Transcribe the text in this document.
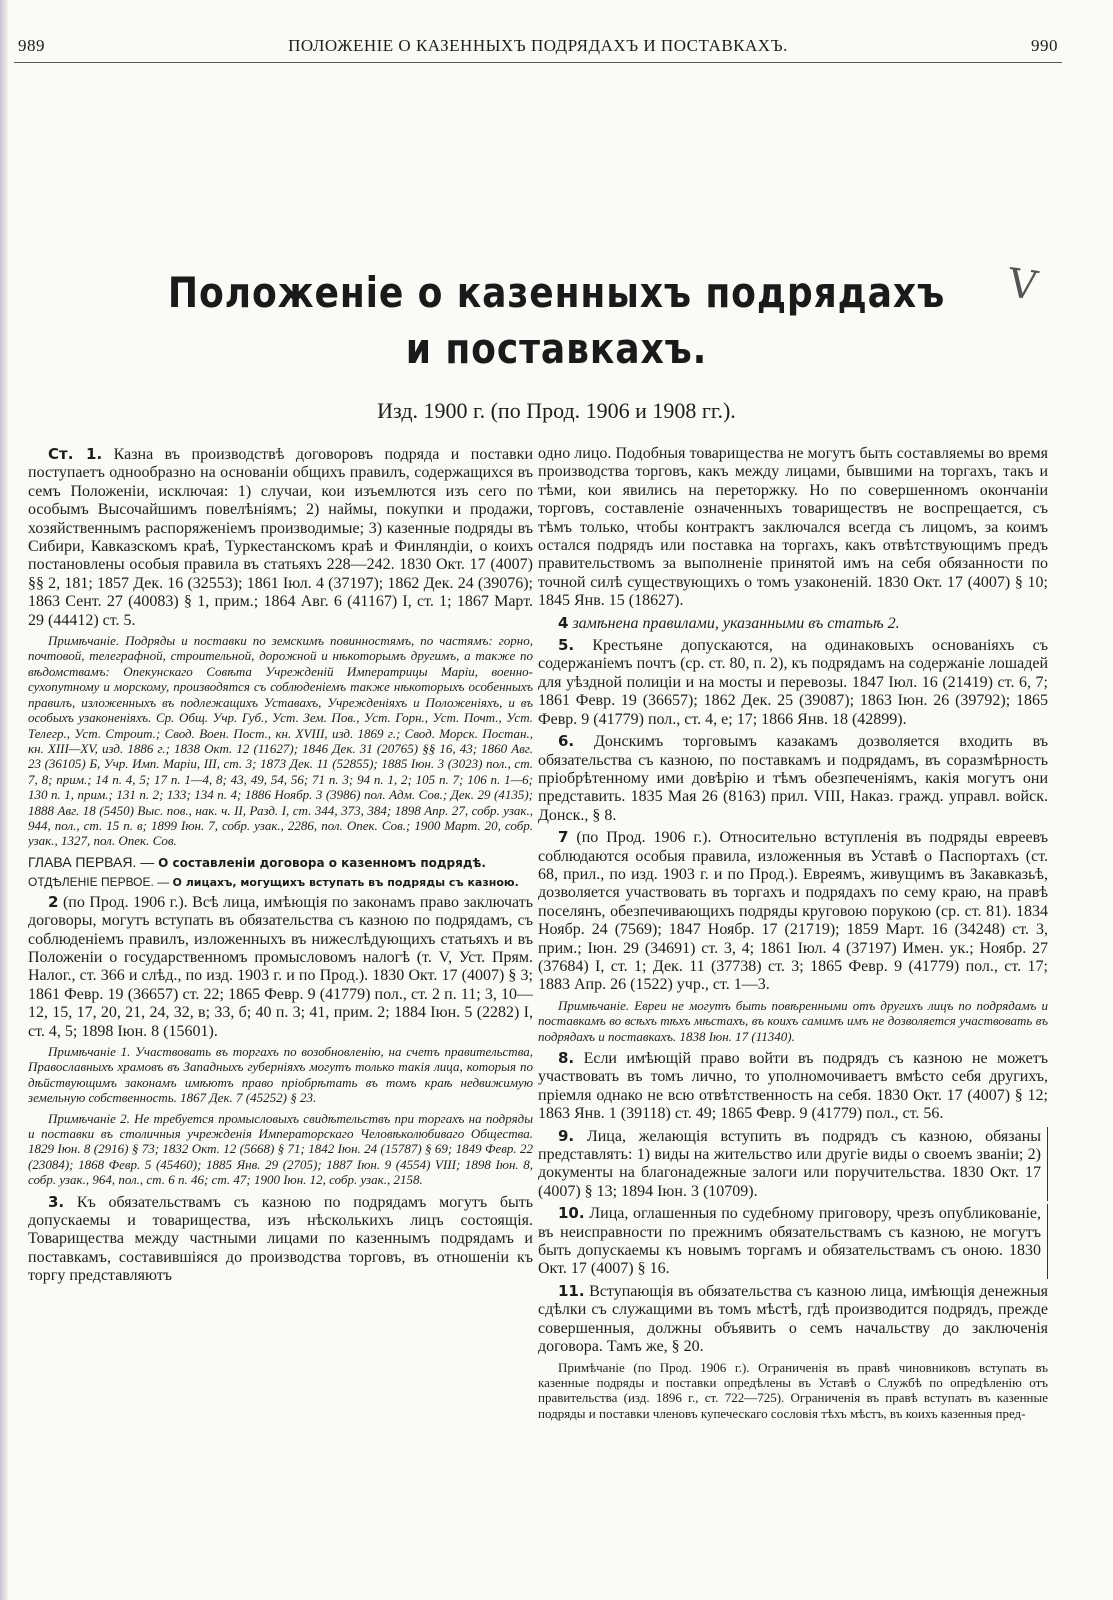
ПОЛОЖЕНІЕ О КАЗЕННЫХЪ ПОДРЯДАХЪ И ПОСТАВКАХЪ.
989	990
Положеніе о казенныхъ подрядахъ
и поставкахъ.
V
Изд. 1900 г. (по Прод. 1906 и 1908 гг.).

Ст. 1. Казна въ производствѣ договоровъ подряда и поставки поступаетъ однообразно на основаніи общихъ правилъ, содержащихся въ семъ Положеніи, исключая: 1) случаи, кои изъемлются изъ сего по особымъ Высочайшимъ повелѣніямъ; 2) наймы, покупки и продажи, хозяйственнымъ распоряженіемъ производимые; 3) казенные подряды въ Сибири, Кавказскомъ краѣ, Туркестанскомъ краѣ и Финляндіи, о коихъ постановлены особыя правила въ статьяхъ 228—242. 1830 Окт. 17 (4007) §§ 2, 181; 1857 Дек. 16 (32553); 1861 Іюл. 4 (37197); 1862 Дек. 24 (39076); 1863 Сент. 27 (40083) § 1, прим.; 1864 Авг. 6 (41167) I, ст. 1; 1867 Март. 29 (44412) ст. 5.

Примѣчаніе. Подряды и поставки по земскимъ повинностямъ, по частямъ: горно, почтовой, телеграфной, строительной, дорожной и нѣкоторымъ другимъ, а также по вѣдомствамъ: Опекунскаго Совѣта Учрежденій Императрицы Маріи, военно-сухопутному и морскому, производятся съ соблюденіемъ также нѣкоторыхъ особенныхъ правилъ, изложенныхъ въ подлежащихъ Уставахъ, Учрежденіяхъ и Положеніяхъ, и въ особыхъ узаконеніяхъ. Ср. Общ. Учр. Губ., Уст. Зем. Пов., Уст. Горн., Уст. Почт., Уст. Телегр., Уст. Строит.; Свод. Воен. Пост., кн. XVIII, изд. 1869 г.; Свод. Морск. Постан., кн. XIII—XV, изд. 1886 г.; 1838 Окт. 12 (11627); 1846 Дек. 31 (20765) §§ 16, 43; 1860 Авг. 23 (36105) Б, Учр. Имп. Маріи, III, ст. 3; 1873 Дек. 11 (52855); 1885 Іюн. 3 (3023) пол., ст. 7, 8; прим.; 14 п. 4, 5; 17 п. 1—4, 8; 43, 49, 54, 56; 71 п. 3; 94 п. 1, 2; 105 п. 7; 106 п. 1—6; 130 п. 1, прим.; 131 п. 2; 133; 134 п. 4; 1886 Ноябр. 3 (3986) пол. Адм. Сов.; Дек. 29 (4135); 1888 Авг. 18 (5450) Выс. пов., нак. ч. II, Разд. I, ст. 344, 373, 384; 1898 Апр. 27, собр. узак., 944, пол., ст. 15 п. в; 1899 Іюн. 7, собр. узак., 2286, пол. Опек. Сов.; 1900 Март. 20, собр. узак., 1327, пол. Опек. Сов.

ГЛАВА ПЕРВАЯ. — О составленіи договора о казенномъ подрядѣ.

ОТДѢЛЕНІЕ ПЕРВОЕ. — О лицахъ, могущихъ вступать въ подряды съ казною.

2 (по Прод. 1906 г.). Всѣ лица, имѣющія по законамъ право заключать договоры, могутъ вступать въ обязательства съ казною по подрядамъ, съ соблюденіемъ правилъ, изложенныхъ въ нижеслѣдующихъ статьяхъ и въ Положеніи о государственномъ промысловомъ налогѣ (т. V, Уст. Прям. Налог., ст. 366 и слѣд., по изд. 1903 г. и по Прод.). 1830 Окт. 17 (4007) § 3; 1861 Февр. 19 (36657) ст. 22; 1865 Февр. 9 (41779) пол., ст. 2 п. 11; 3, 10—12, 15, 17, 20, 21, 24, 32, в; 33, б; 40 п. 3; 41, прим. 2; 1884 Іюн. 5 (2282) I, ст. 4, 5; 1898 Іюн. 8 (15601).

Примѣчаніе 1. Участвовать въ торгахъ по возобновленію, на счетъ правительства, Православныхъ храмовъ въ Западныхъ губерніяхъ могутъ только такія лица, которыя по дѣйствующимъ законамъ имѣютъ право пріобрѣтать въ томъ краѣ недвижимую земельную собственность. 1867 Дек. 7 (45252) § 23.

Примѣчаніе 2. Не требуется промысловыхъ свидѣтельствъ при торгахъ на подряды и поставки въ столичныя учрежденія Императорскаго Человѣколюбиваго Общества. 1829 Іюн. 8 (2916) § 73; 1832 Окт. 12 (5668) § 71; 1842 Іюн. 24 (15787) § 69; 1849 Февр. 22 (23084); 1868 Февр. 5 (45460); 1885 Янв. 29 (2705); 1887 Іюн. 9 (4554) VIII; 1898 Іюн. 8, собр. узак., 964, пол., ст. 6 п. 46; ст. 47; 1900 Іюн. 12, собр. узак., 2158.

3. Къ обязательствамъ съ казною по подрядамъ могутъ быть допускаемы и товарищества, изъ нѣсколькихъ лицъ состоящія. Товарищества между частными лицами по казеннымъ подрядамъ и поставкамъ, составившіяся до производства торговъ, въ отношеніи къ торгу представляютъ

одно лицо. Подобныя товарищества не могутъ быть составляемы во время производства торговъ, какъ между лицами, бывшими на торгахъ, такъ и тѣми, кои явились на переторжку. Но по совершенномъ окончаніи торговъ, составленіе означенныхъ товариществъ не воспрещается, съ тѣмъ только, чтобы контрактъ заключался всегда съ лицомъ, за коимъ остался подрядъ или поставка на торгахъ, какъ отвѣтствующимъ предъ правительствомъ за выполненіе принятой имъ на себя обязанности по точной силѣ существующихъ о томъ узаконеній. 1830 Окт. 17 (4007) § 10; 1845 Янв. 15 (18627).

4 замѣнена правилами, указанными въ статьѣ 2.

5. Крестьяне допускаются, на одинаковыхъ основаніяхъ съ содержаніемъ почтъ (ср. ст. 80, п. 2), къ подрядамъ на содержаніе лошадей для уѣздной полиціи и на мосты и перевозы. 1847 Іюл. 16 (21419) ст. 6, 7; 1861 Февр. 19 (36657); 1862 Дек. 25 (39087); 1863 Іюн. 26 (39792); 1865 Февр. 9 (41779) пол., ст. 4, е; 17; 1866 Янв. 18 (42899).

6. Донскимъ торговымъ казакамъ дозволяется входить въ обязательства съ казною, по поставкамъ и подрядамъ, въ соразмѣрность пріобрѣтенному ими довѣрію и тѣмъ обезпеченіямъ, какія могутъ они представить. 1835 Мая 26 (8163) прил. VIII, Наказ. гражд. управл. войск. Донск., § 8.

7 (по Прод. 1906 г.). Относительно вступленія въ подряды евреевъ соблюдаются особыя правила, изложенныя въ Уставѣ о Паспортахъ (ст. 68, прил., по изд. 1903 г. и по Прод.). Евреямъ, живущимъ въ Закавказьѣ, дозволяется участвовать въ торгахъ и подрядахъ по сему краю, на правѣ поселянъ, обезпечивающихъ подряды круговою порукою (ср. ст. 81). 1834 Ноябр. 24 (7569); 1847 Ноябр. 17 (21719); 1859 Март. 16 (34248) ст. 3, прим.; Іюн. 29 (34691) ст. 3, 4; 1861 Іюл. 4 (37197) Имен. ук.; Ноябр. 27 (37684) I, ст. 1; Дек. 11 (37738) ст. 3; 1865 Февр. 9 (41779) пол., ст. 17; 1883 Апр. 26 (1522) учр., ст. 1—3.

Примѣчаніе. Евреи не могутъ быть повѣренными отъ другихъ лицъ по подрядамъ и поставкамъ во всѣхъ тѣхъ мѣстахъ, въ коихъ самимъ имъ не дозволяется участвовать въ подрядахъ и поставкахъ. 1838 Іюн. 17 (11340).

8. Если имѣющій право войти въ подрядъ съ казною не можетъ участвовать въ томъ лично, то уполномочиваетъ вмѣсто себя другихъ, пріемля однако не всю отвѣтственность на себя. 1830 Окт. 17 (4007) § 12; 1863 Янв. 1 (39118) ст. 49; 1865 Февр. 9 (41779) пол., ст. 56.

9. Лица, желающія вступить въ подрядъ съ казною, обязаны представлять: 1) виды на жительство или другіе виды о своемъ званіи; 2) документы на благонадежные залоги или поручительства. 1830 Окт. 17 (4007) § 13; 1894 Іюн. 3 (10709).

10. Лица, оглашенныя по судебному приговору, чрезъ опубликованіе, въ неисправности по прежнимъ обязательствамъ съ казною, не могутъ быть допускаемы къ новымъ торгамъ и обязательствамъ съ оною. 1830 Окт. 17 (4007) § 16.

11. Вступающія въ обязательства съ казною лица, имѣющія денежныя сдѣлки съ служащими въ томъ мѣстѣ, гдѣ производится подрядъ, прежде совершенныя, должны объявить о семъ начальству до заключенія договора. Тамъ же, § 20.

Примѣчаніе (по Прод. 1906 г.). Ограниченія въ правѣ чиновниковъ вступать въ казенные подряды и поставки опредѣлены въ Уставѣ о Службѣ по опредѣленію отъ правительства (изд. 1896 г., ст. 722—725). Ограниченія въ правѣ вступать въ казенные подряды и поставки членовъ купеческаго сословія тѣхъ мѣстъ, въ коихъ казенныя пред-
